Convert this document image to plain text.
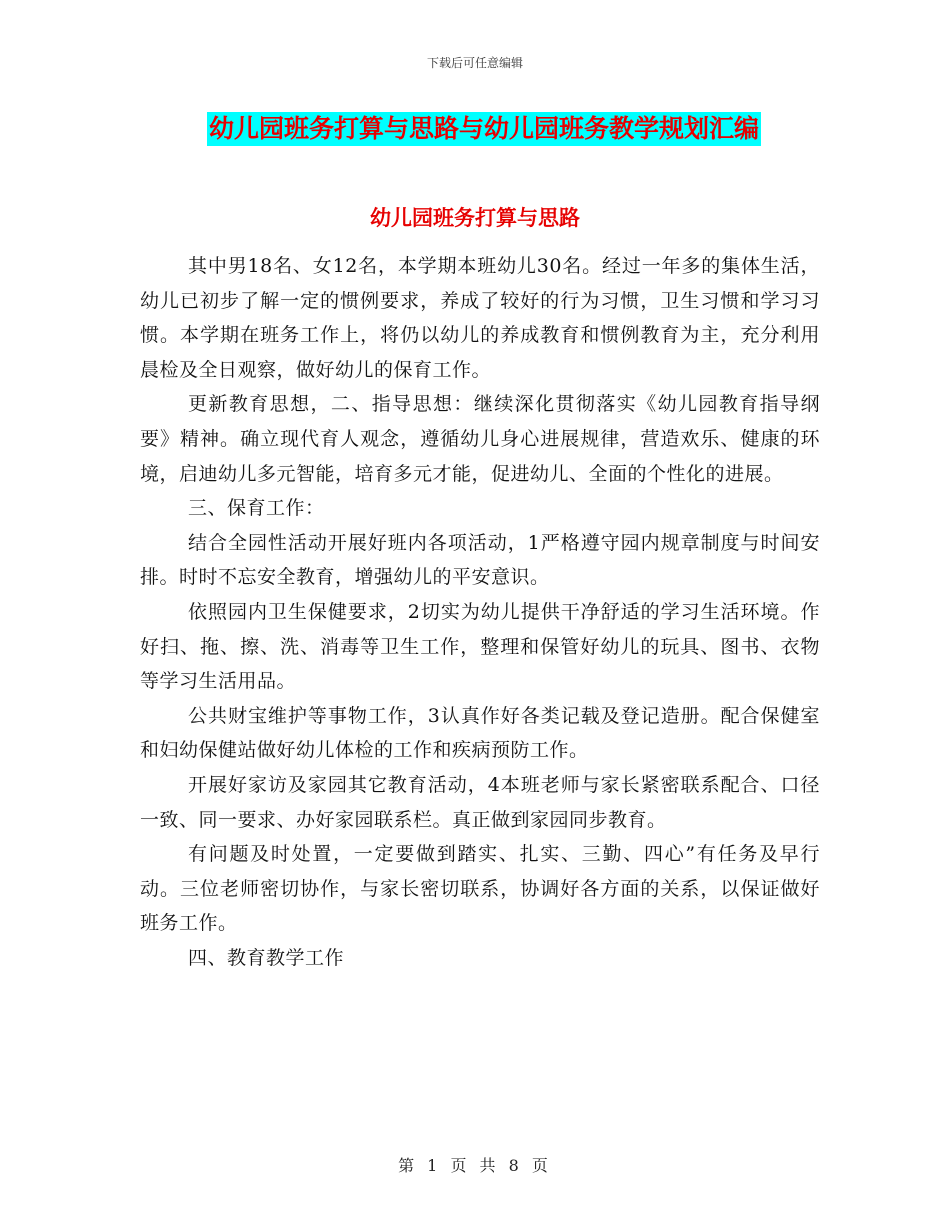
下载后可任意编辑
幼儿园班务打算与思路与幼儿园班务教学规划汇编
幼儿园班务打算与思路

其中男18名、女12名，本学期本班幼儿30名。经过一年多的集体生活，幼儿已初步了解一定的惯例要求，养成了较好的行为习惯，卫生习惯和学习习惯。本学期在班务工作上，将仍以幼儿的养成教育和惯例教育为主，充分利用晨检及全日观察，做好幼儿的保育工作。

更新教育思想，二、指导思想：继续深化贯彻落实《幼儿园教育指导纲要》精神。确立现代育人观念，遵循幼儿身心进展规律，营造欢乐、健康的环境，启迪幼儿多元智能，培育多元才能，促进幼儿、全面的个性化的进展。

三、保育工作：

结合全园性活动开展好班内各项活动，1严格遵守园内规章制度与时间安排。时时不忘安全教育，增强幼儿的平安意识。

依照园内卫生保健要求，2切实为幼儿提供干净舒适的学习生活环境。作好扫、拖、擦、洗、消毒等卫生工作，整理和保管好幼儿的玩具、图书、衣物等学习生活用品。

公共财宝维护等事物工作，3认真作好各类记载及登记造册。配合保健室和妇幼保健站做好幼儿体检的工作和疾病预防工作。

开展好家访及家园其它教育活动，4本班老师与家长紧密联系配合、口径一致、同一要求、办好家园联系栏。真正做到家园同步教育。

有问题及时处置，一定要做到踏实、扎实、三勤、四心”有任务及早行动。三位老师密切协作，与家长密切联系，协调好各方面的关系，以保证做好班务工作。

四、教育教学工作

第 1 页 共 8 页
